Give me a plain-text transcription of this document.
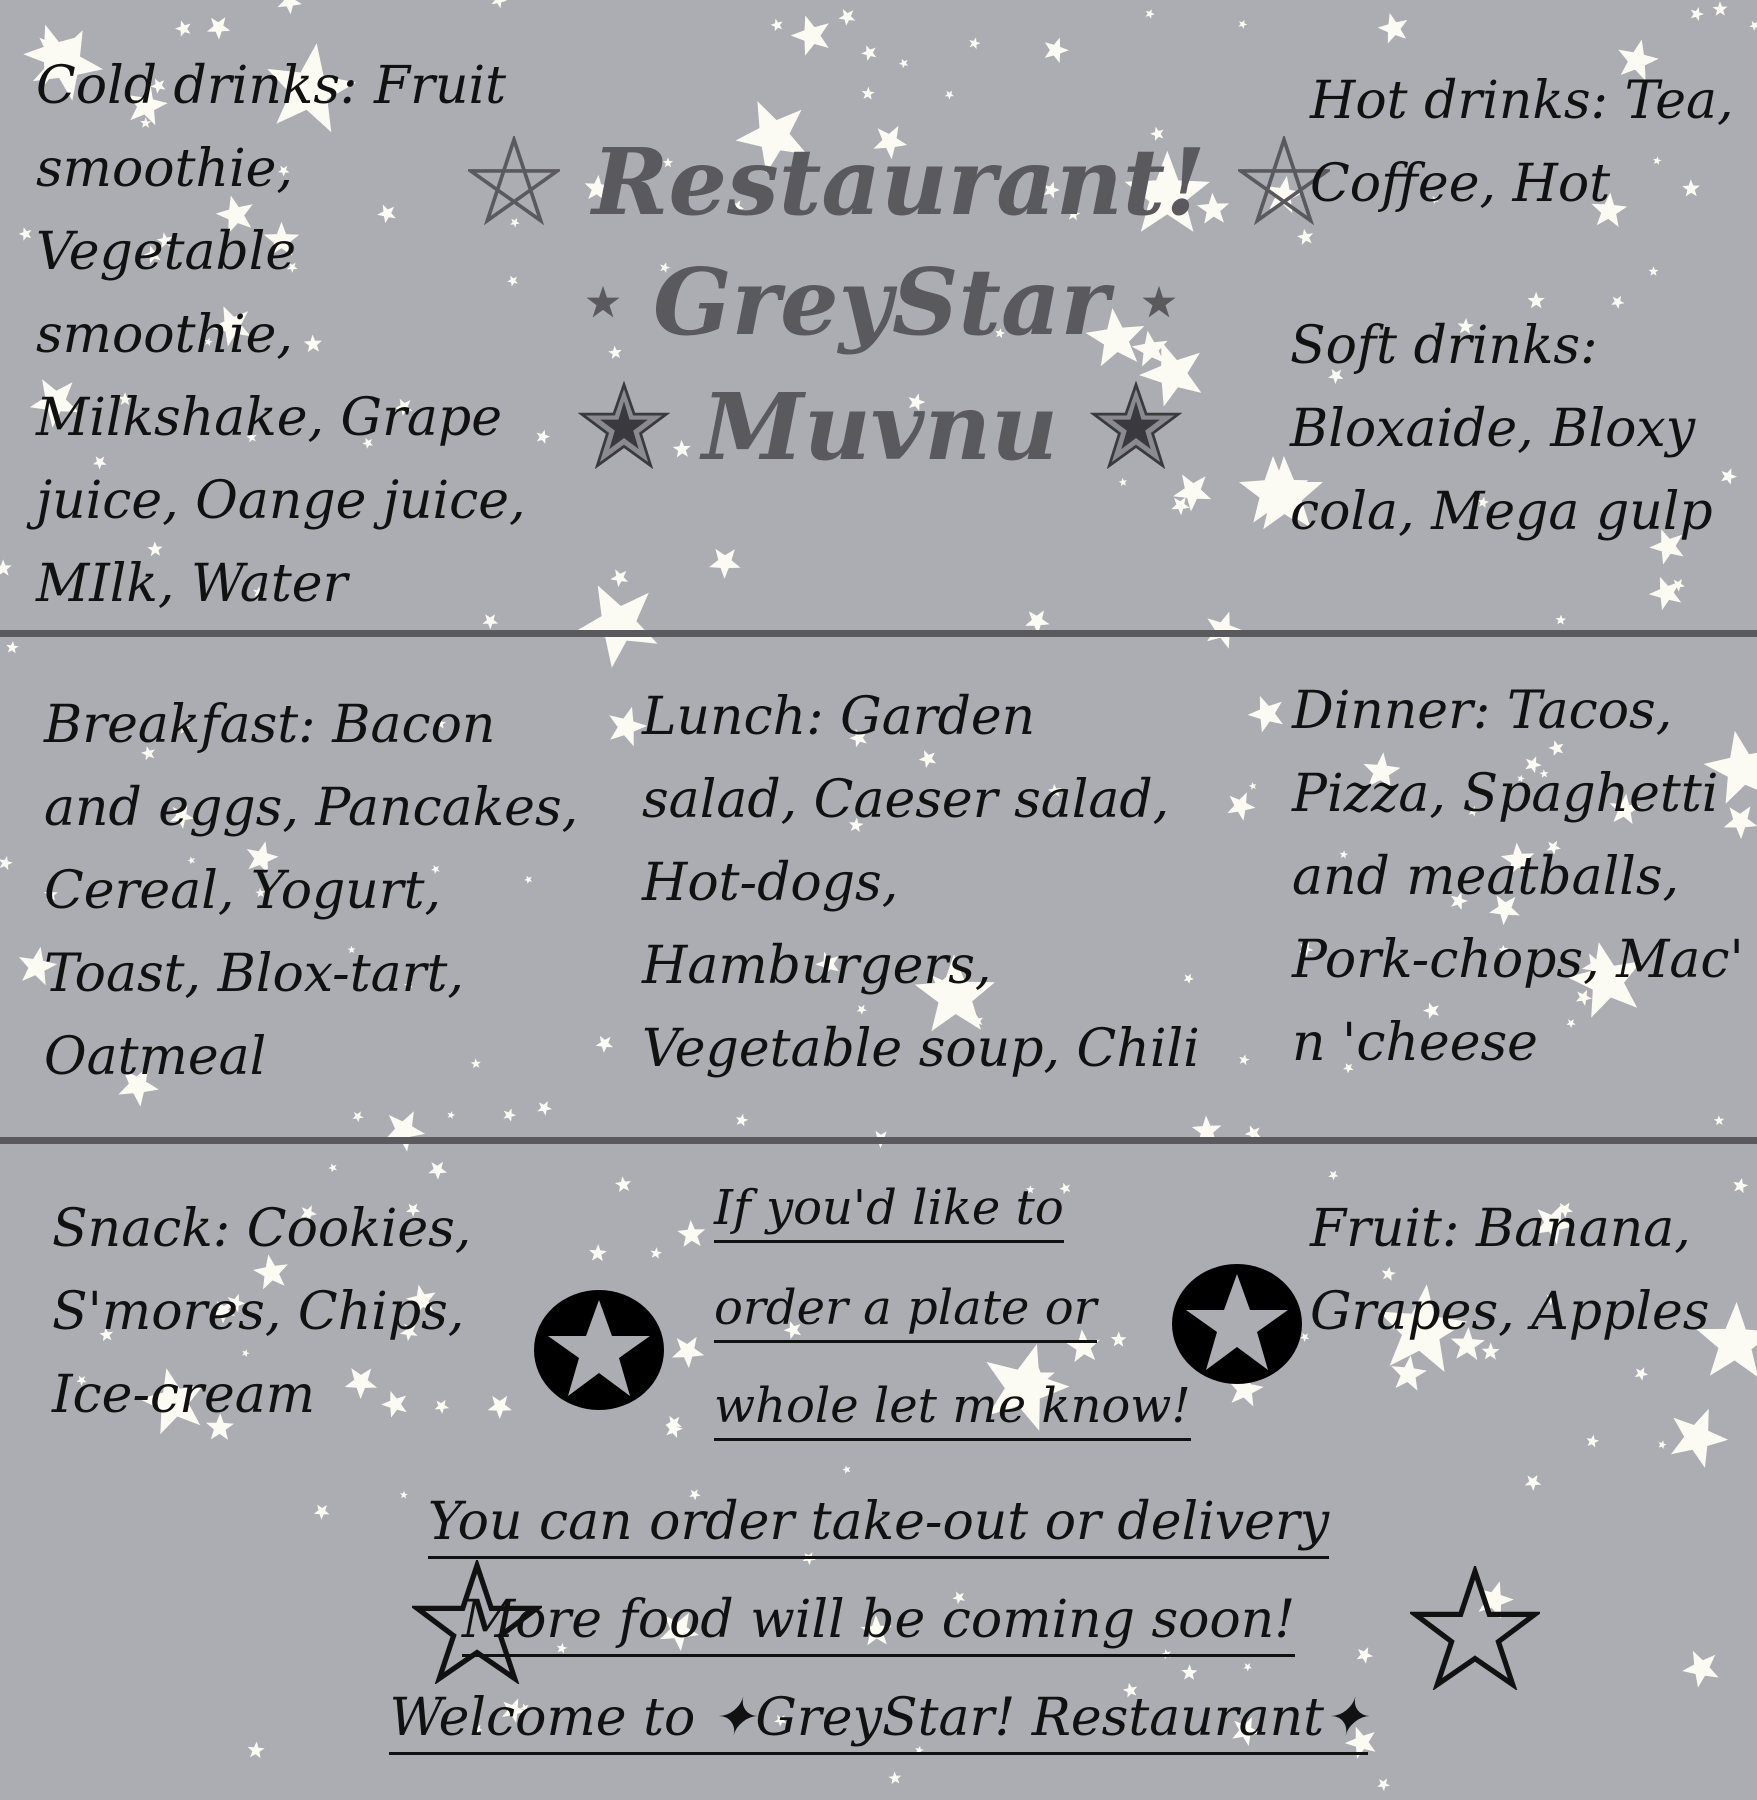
Restaurant!
GreyStar
Muvnu
Cold drinks: Fruit smoothie, Vegetable smoothie, Milkshake, Grape juice, Oange juice, MIlk, Water
Hot drinks: Tea, Coffee, Hot
Soft drinks: Bloxaide, Bloxy cola, Mega gulp
Breakfast: Bacon and eggs, Pancakes, Cereal, Yogurt, Toast, Blox-tart, Oatmeal
Lunch: Garden salad, Caeser salad, Hot-dogs, Hamburgers, Vegetable soup, Chili
Dinner: Tacos, Pizza, Spaghetti and meatballs, Pork-chops, Mac' n 'cheese
Snack: Cookies, S'mores, Chips, Ice-cream
Fruit: Banana, Grapes, Apples
If you'd like to
order a plate or
whole let me know!
You can order take-out or delivery
More food will be coming soon!
Welcome to ✦GreyStar! Restaurant✦
